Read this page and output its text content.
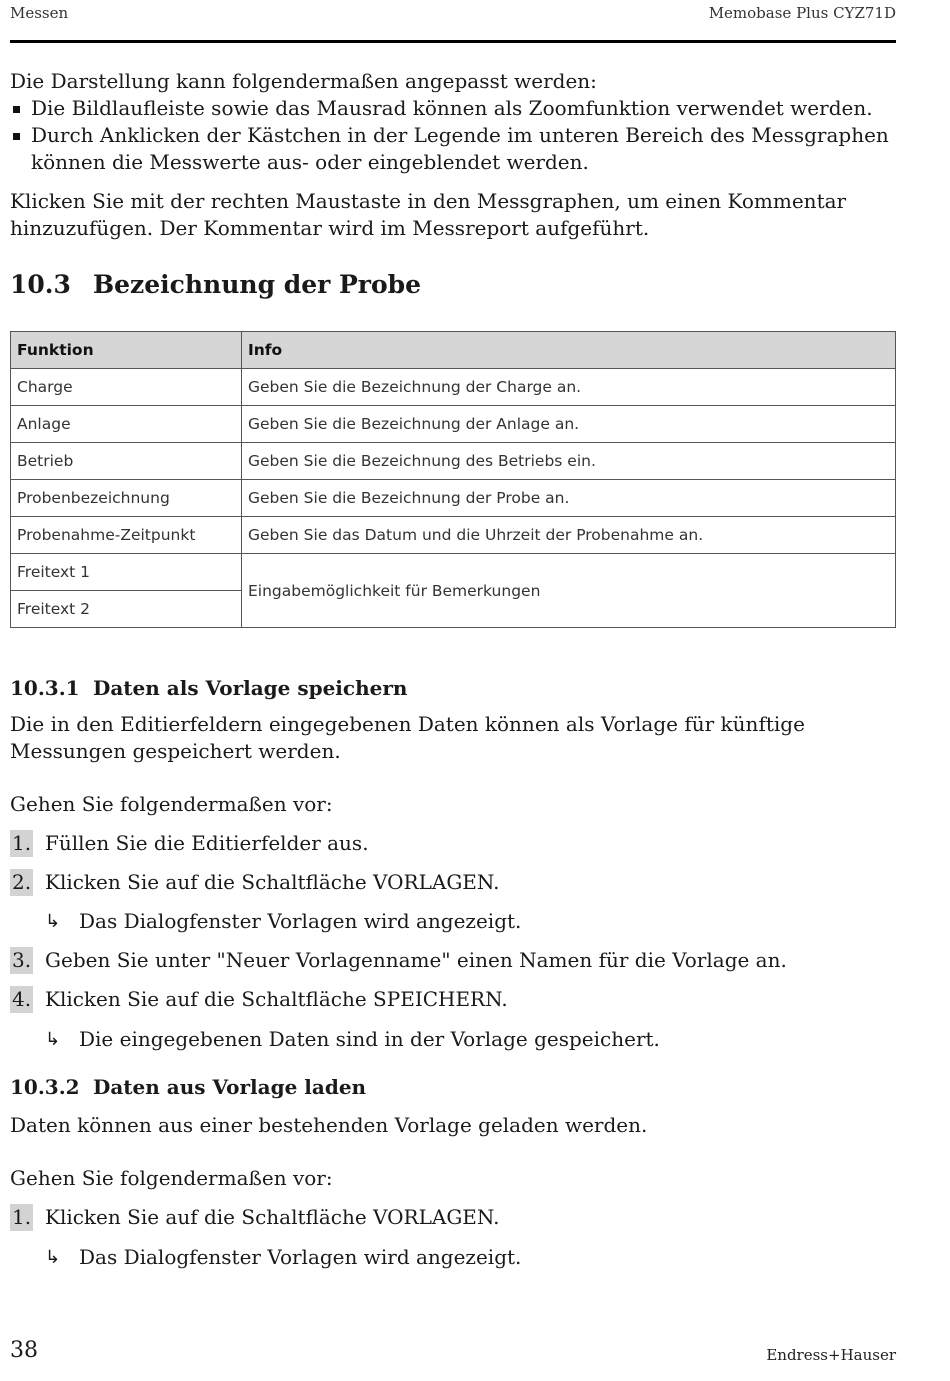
Messen	Memobase Plus CYZ71D

Die Darstellung kann folgendermaßen angepasst werden:

Die Bildlaufleiste sowie das Mausrad können als Zoomfunktion verwendet werden.
Durch Anklicken der Kästchen in der Legende im unteren Bereich des Messgraphen können die Messwerte aus- oder eingeblendet werden.

Klicken Sie mit der rechten Maustaste in den Messgraphen, um einen Kommentar hinzuzufügen. Der Kommentar wird im Messreport aufgeführt.

10.3 Bezeichnung der Probe
Funktion	Info
Charge	Geben Sie die Bezeichnung der Charge an.
Anlage	Geben Sie die Bezeichnung der Anlage an.
Betrieb	Geben Sie die Bezeichnung des Betriebs ein.
Probenbezeichnung	Geben Sie die Bezeichnung der Probe an.
Probenahme-Zeitpunkt	Geben Sie das Datum und die Uhrzeit der Probenahme an.
Freitext 1	Eingabemöglichkeit für Bemerkungen
Freitext 2	
10.3.1 Daten als Vorlage speichern

Die in den Editierfeldern eingegebenen Daten können als Vorlage für künftige Messungen gespeichert werden.

Gehen Sie folgendermaßen vor:

1. Füllen Sie die Editierfelder aus.
2. Klicken Sie auf die Schaltfläche VORLAGEN.
↳ Das Dialogfenster Vorlagen wird angezeigt.
3. Geben Sie unter "Neuer Vorlagenname" einen Namen für die Vorlage an.
4. Klicken Sie auf die Schaltfläche SPEICHERN.
↳ Die eingegebenen Daten sind in der Vorlage gespeichert.
10.3.2 Daten aus Vorlage laden

Daten können aus einer bestehenden Vorlage geladen werden.

Gehen Sie folgendermaßen vor:

1. Klicken Sie auf die Schaltfläche VORLAGEN.
↳ Das Dialogfenster Vorlagen wird angezeigt.
38	Endress+Hauser
